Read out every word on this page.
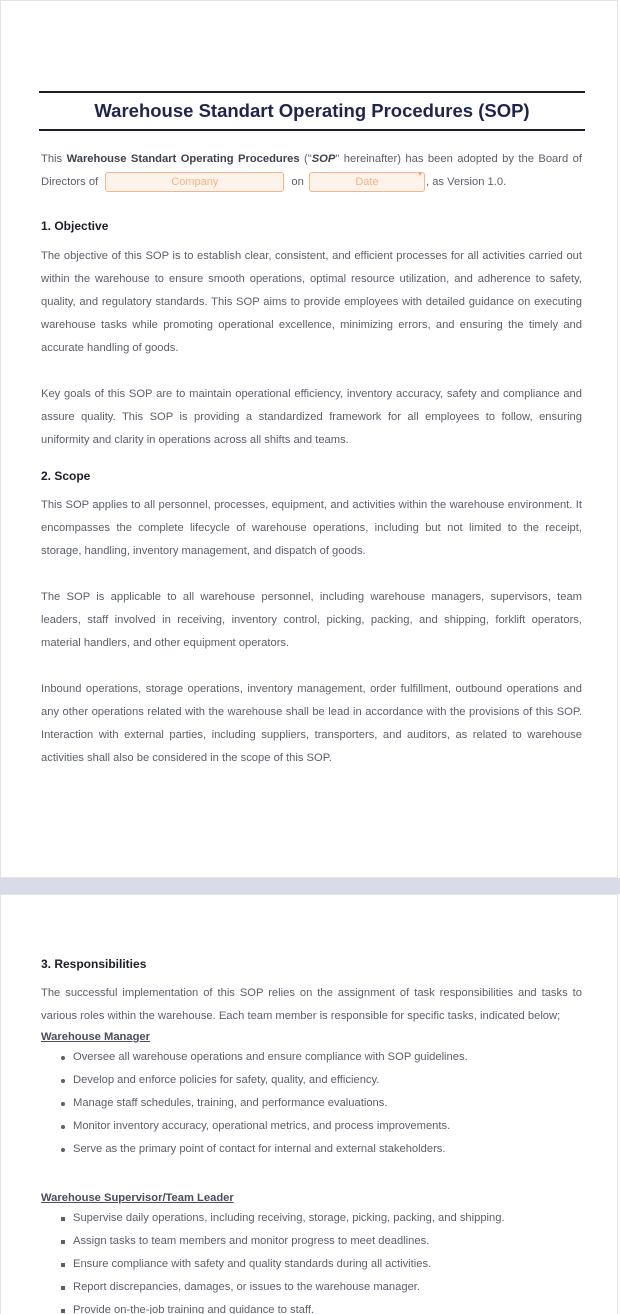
Warehouse Standart Operating Procedures (SOP)
This Warehouse Standart Operating Procedures ("SOP" hereinafter) has been adopted by the Board of Directors of	Company	on	Date	* , as Version 1.0.
1. Objective

The objective of this SOP is to establish clear, consistent, and efficient processes for all activities carried out within the warehouse to ensure smooth operations, optimal resource utilization, and adherence to safety, quality, and regulatory standards. This SOP aims to provide employees with detailed guidance on executing warehouse tasks while promoting operational excellence, minimizing errors, and ensuring the timely and accurate handling of goods.

Key goals of this SOP are to maintain operational efficiency, inventory accuracy, safety and compliance and assure quality. This SOP is providing a standardized framework for all employees to follow, ensuring uniformity and clarity in operations across all shifts and teams.

2. Scope

This SOP applies to all personnel, processes, equipment, and activities within the warehouse environment. It encompasses the complete lifecycle of warehouse operations, including but not limited to the receipt, storage, handling, inventory management, and dispatch of goods.

The SOP is applicable to all warehouse personnel, including warehouse managers, supervisors, team leaders, staff involved in receiving, inventory control, picking, packing, and shipping, forklift operators, material handlers, and other equipment operators.

Inbound operations, storage operations, inventory management, order fulfillment, outbound operations and any other operations related with the warehouse shall be lead in accordance with the provisions of this SOP. Interaction with external parties, including suppliers, transporters, and auditors, as related to warehouse activities shall also be considered in the scope of this SOP.

3. Responsibilities

The successful implementation of this SOP relies on the assignment of task responsibilities and tasks to various roles within the warehouse. Each team member is responsible for specific tasks, indicated below;

Warehouse Manager
Oversee all warehouse operations and ensure compliance with SOP guidelines.
Develop and enforce policies for safety, quality, and efficiency.
Manage staff schedules, training, and performance evaluations.
Monitor inventory accuracy, operational metrics, and process improvements.
Serve as the primary point of contact for internal and external stakeholders.
Warehouse Supervisor/Team Leader
Supervise daily operations, including receiving, storage, picking, packing, and shipping.
Assign tasks to team members and monitor progress to meet deadlines.
Ensure compliance with safety and quality standards during all activities.
Report discrepancies, damages, or issues to the warehouse manager.
Provide on-the-job training and guidance to staff.
